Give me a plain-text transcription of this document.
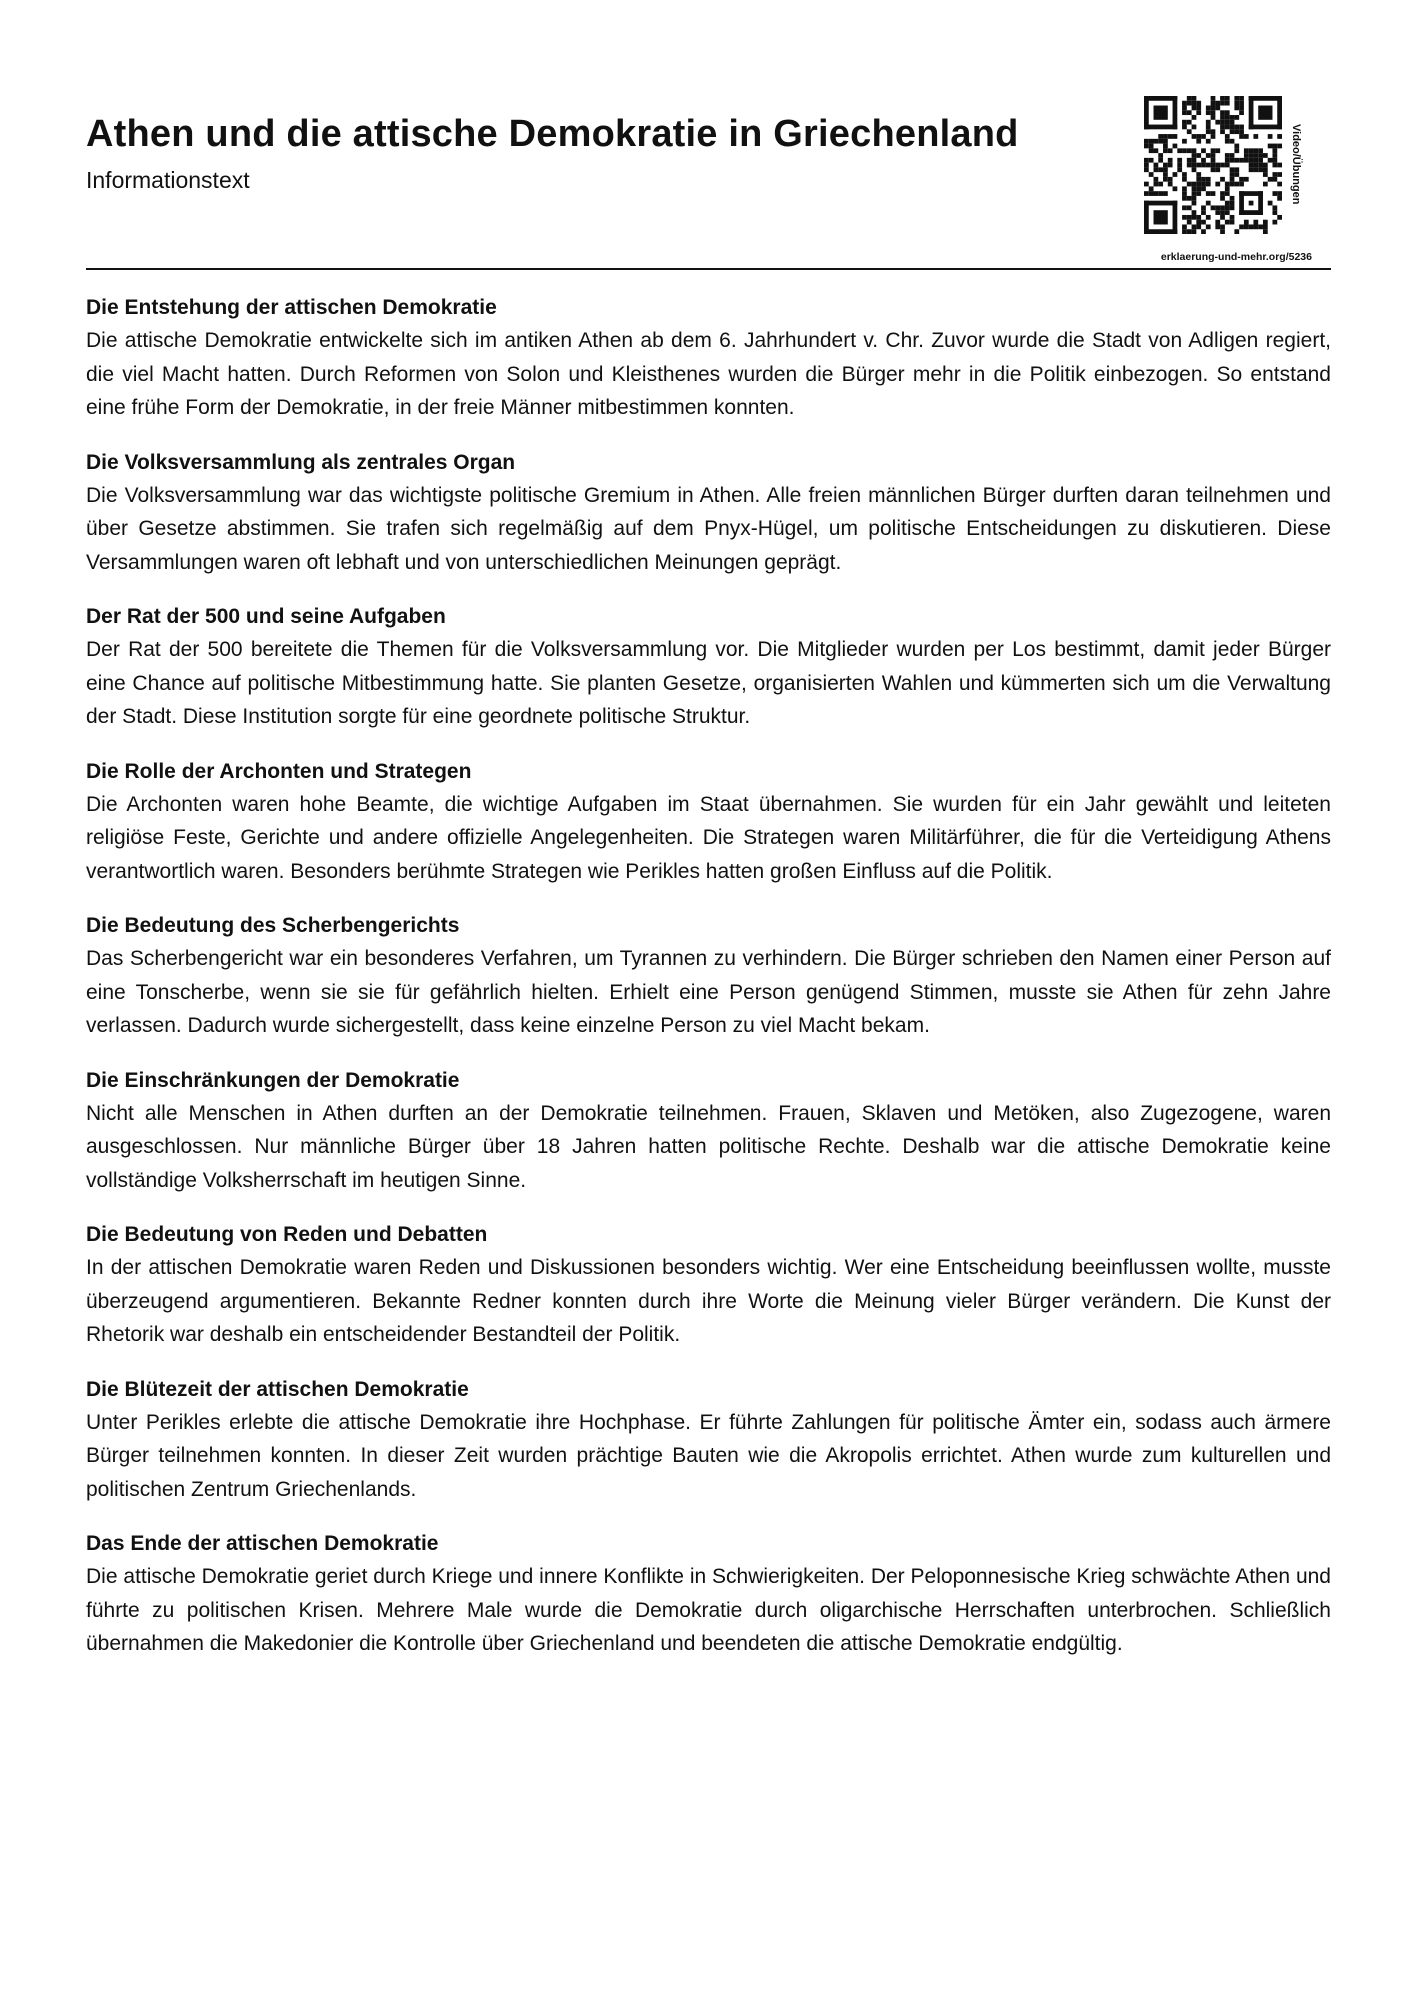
Athen und die attische Demokratie in Griechenland

Informationstext	Video/Übungen
erklaerung-und-mehr.org/5236
Die Entstehung der attischen Demokratie

Die attische Demokratie entwickelte sich im antiken Athen ab dem 6. Jahrhundert v. Chr. Zuvor wurde die Stadt von Adligen regiert, die viel Macht hatten. Durch Reformen von Solon und Kleisthenes wurden die Bürger mehr in die Politik einbezogen. So entstand eine frühe Form der Demokratie, in der freie Männer mitbestimmen konnten.

Die Volksversammlung als zentrales Organ

Die Volksversammlung war das wichtigste politische Gremium in Athen. Alle freien männlichen Bürger durften daran teilnehmen und über Gesetze abstimmen. Sie trafen sich regelmäßig auf dem Pnyx-Hügel, um politische Entscheidungen zu diskutieren. Diese Versammlungen waren oft lebhaft und von unterschiedlichen Meinungen geprägt.

Der Rat der 500 und seine Aufgaben

Der Rat der 500 bereitete die Themen für die Volksversammlung vor. Die Mitglieder wurden per Los bestimmt, damit jeder Bürger eine Chance auf politische Mitbestimmung hatte. Sie planten Gesetze, organisierten Wahlen und kümmerten sich um die Verwaltung der Stadt. Diese Institution sorgte für eine geordnete politische Struktur.

Die Rolle der Archonten und Strategen

Die Archonten waren hohe Beamte, die wichtige Aufgaben im Staat übernahmen. Sie wurden für ein Jahr gewählt und leiteten religiöse Feste, Gerichte und andere offizielle Angelegenheiten. Die Strategen waren Militärführer, die für die Verteidigung Athens verantwortlich waren. Besonders berühmte Strategen wie Perikles hatten großen Einfluss auf die Politik.

Die Bedeutung des Scherbengerichts

Das Scherbengericht war ein besonderes Verfahren, um Tyrannen zu verhindern. Die Bürger schrieben den Namen einer Person auf eine Tonscherbe, wenn sie sie für gefährlich hielten. Erhielt eine Person genügend Stimmen, musste sie Athen für zehn Jahre verlassen. Dadurch wurde sichergestellt, dass keine einzelne Person zu viel Macht bekam.

Die Einschränkungen der Demokratie

Nicht alle Menschen in Athen durften an der Demokratie teilnehmen. Frauen, Sklaven und Metöken, also Zugezogene, waren ausgeschlossen. Nur männliche Bürger über 18 Jahren hatten politische Rechte. Deshalb war die attische Demokratie keine vollständige Volksherrschaft im heutigen Sinne.

Die Bedeutung von Reden und Debatten

In der attischen Demokratie waren Reden und Diskussionen besonders wichtig. Wer eine Entscheidung beeinflussen wollte, musste überzeugend argumentieren. Bekannte Redner konnten durch ihre Worte die Meinung vieler Bürger verändern. Die Kunst der Rhetorik war deshalb ein entscheidender Bestandteil der Politik.

Die Blütezeit der attischen Demokratie

Unter Perikles erlebte die attische Demokratie ihre Hochphase. Er führte Zahlungen für politische Ämter ein, sodass auch ärmere Bürger teilnehmen konnten. In dieser Zeit wurden prächtige Bauten wie die Akropolis errichtet. Athen wurde zum kulturellen und politischen Zentrum Griechenlands.

Das Ende der attischen Demokratie

Die attische Demokratie geriet durch Kriege und innere Konflikte in Schwierigkeiten. Der Peloponnesische Krieg schwächte Athen und führte zu politischen Krisen. Mehrere Male wurde die Demokratie durch oligarchische Herrschaften unterbrochen. Schließlich übernahmen die Makedonier die Kontrolle über Griechenland und beendeten die attische Demokratie endgültig.
